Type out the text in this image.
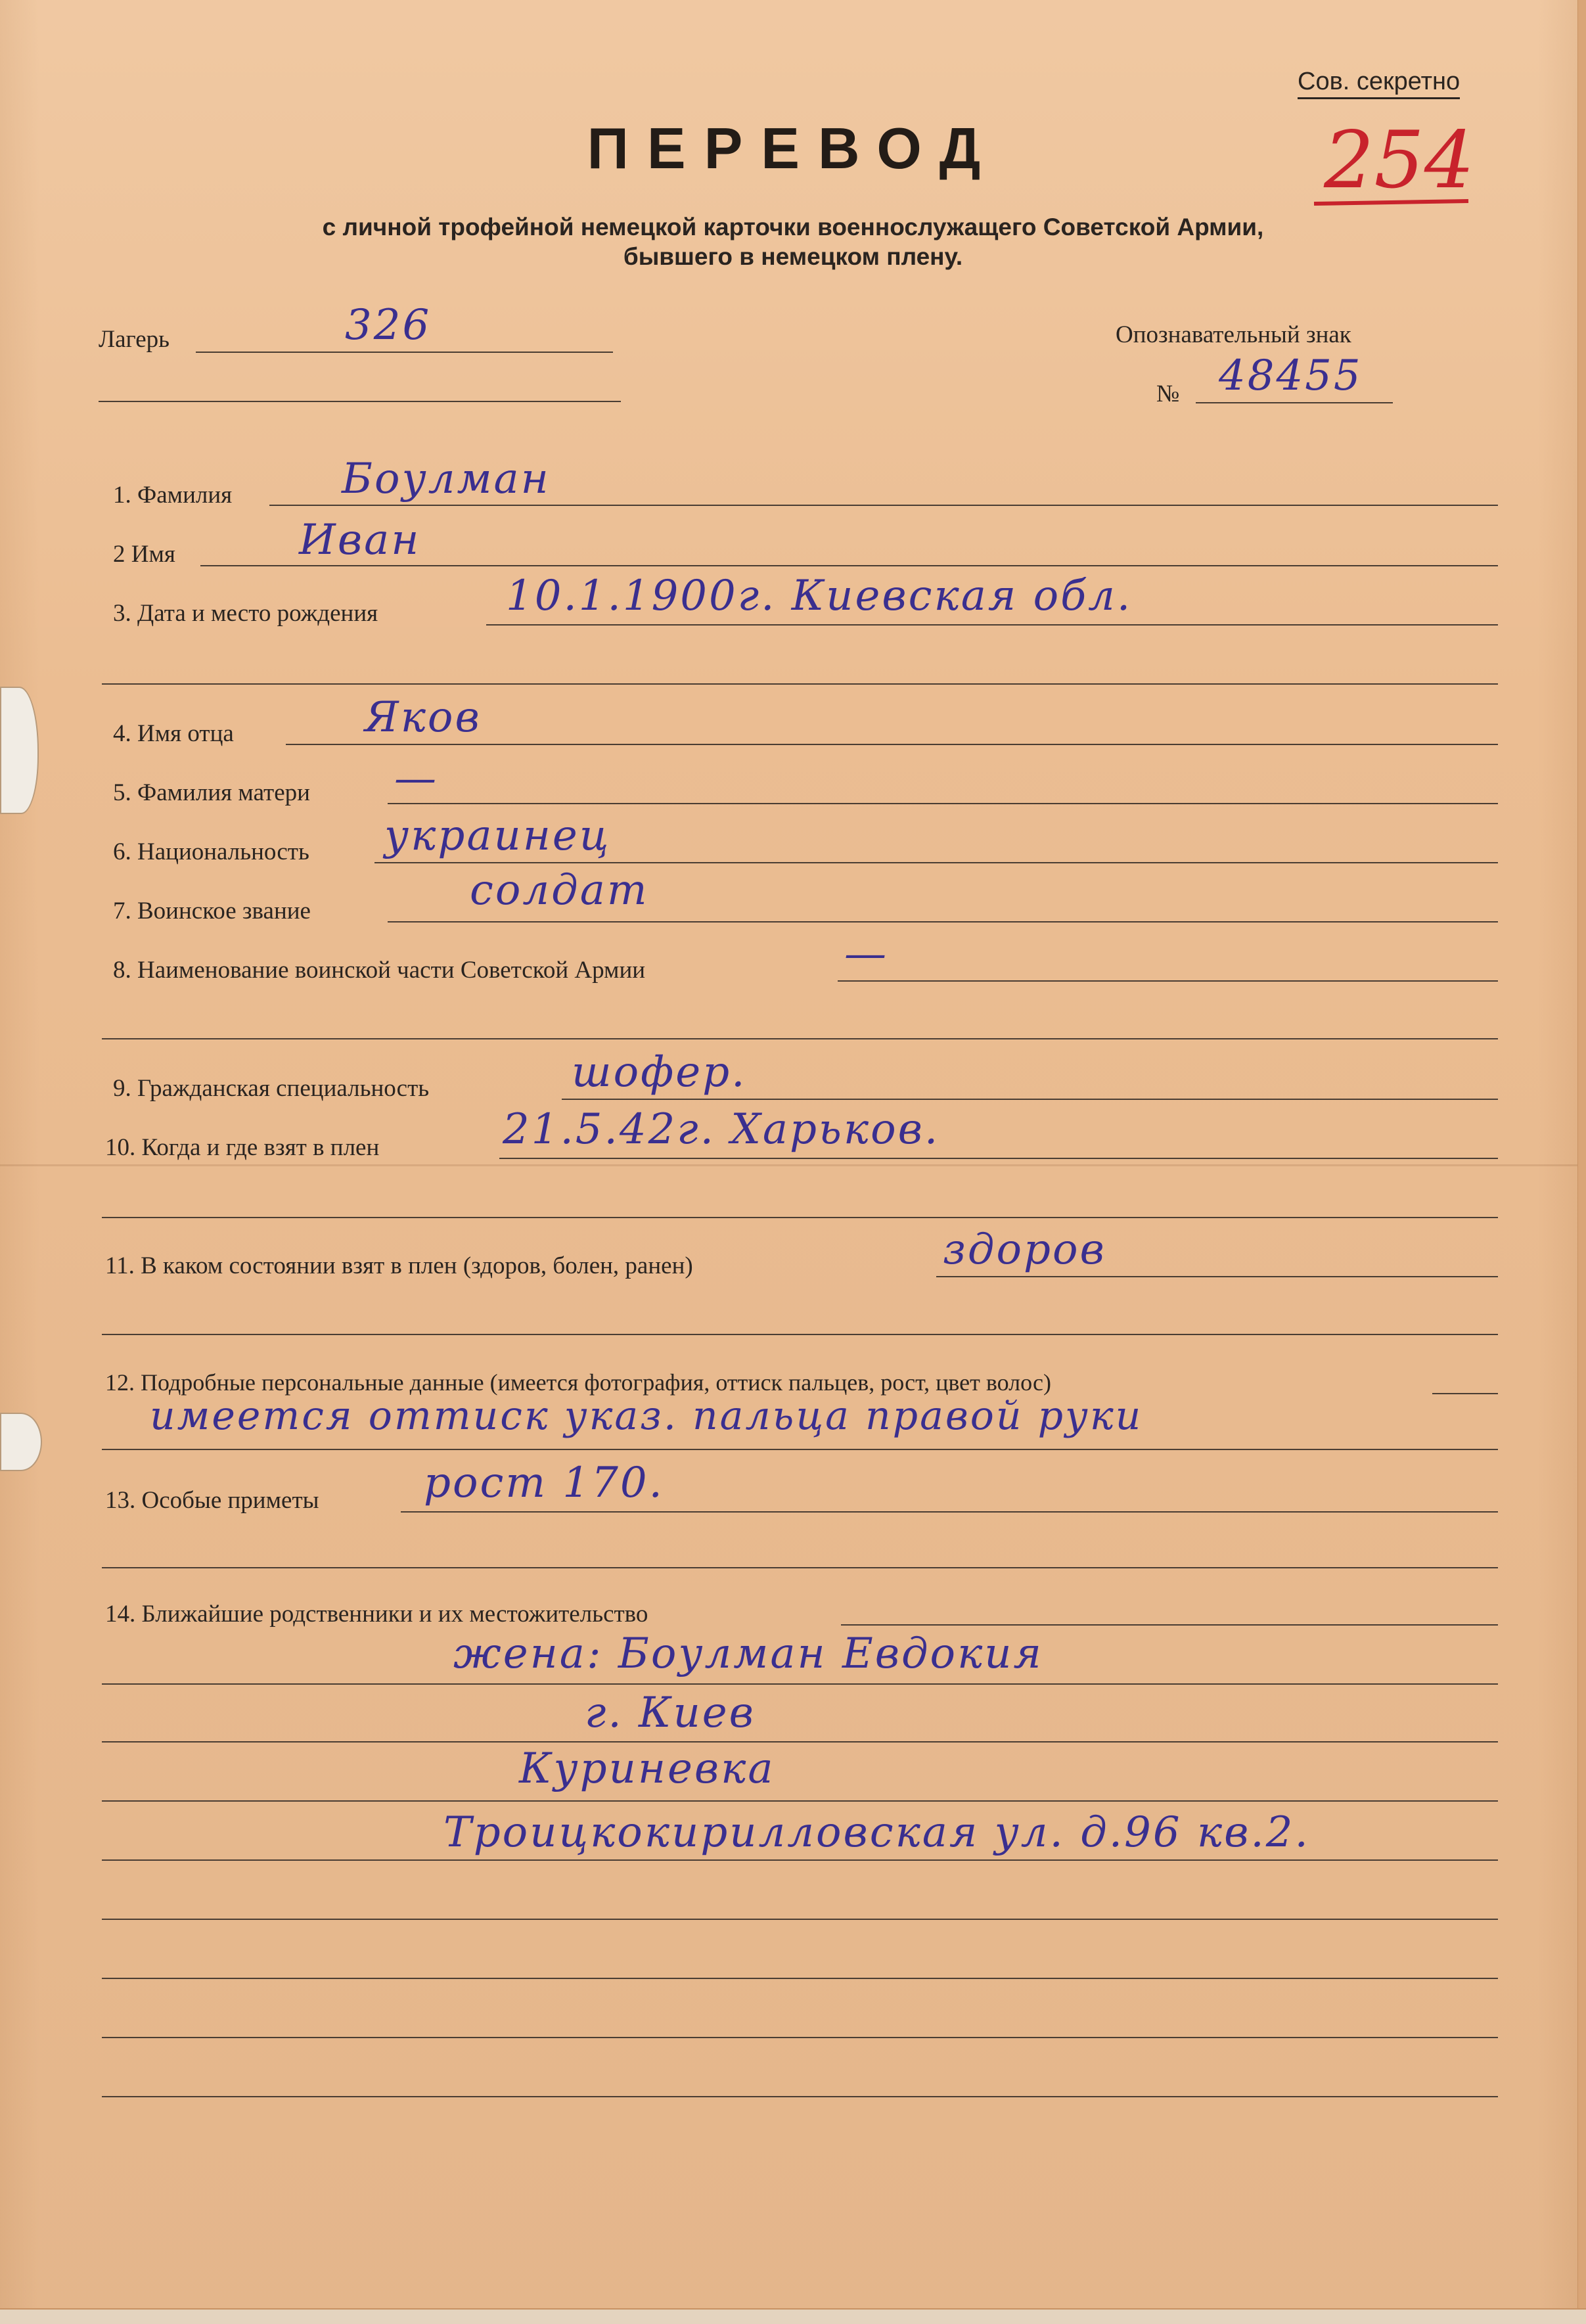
Сов. секретно
254
ПЕРЕВОД
с личной трофейной немецкой карточки военнослужащего Советской Армии,
бывшего в немецком плену.
Лагерь	326	Опознавательный знак
№ 48455
1. Фамилия	Боулман
2 Имя	Иван
3. Дата и место рождения	10.1.1900г. Киевская обл.
4. Имя отца	Яков
5. Фамилия матери —
6. Национальность украинец
7. Воинское звание	солдат
8. Наименование воинской части Советской Армии	—
9. Гражданская специальность	шофер.
10. Когда и где взят в плен	21.5.42г. Харьков.
11. В каком состоянии взят в плен (здоров, болен, ранен)	здоров
12. Подробные персональные данные (имеется фотография, оттиск пальцев, рост, цвет волос)
имеется оттиск указ. пальца правой руки
13. Особые приметы рост 170.
14. Ближайшие родственники и их местожительство
жена: Боулман Евдокия
г. Киев
Куриневка
Троицкокирилловская ул. д.96 кв.2.
